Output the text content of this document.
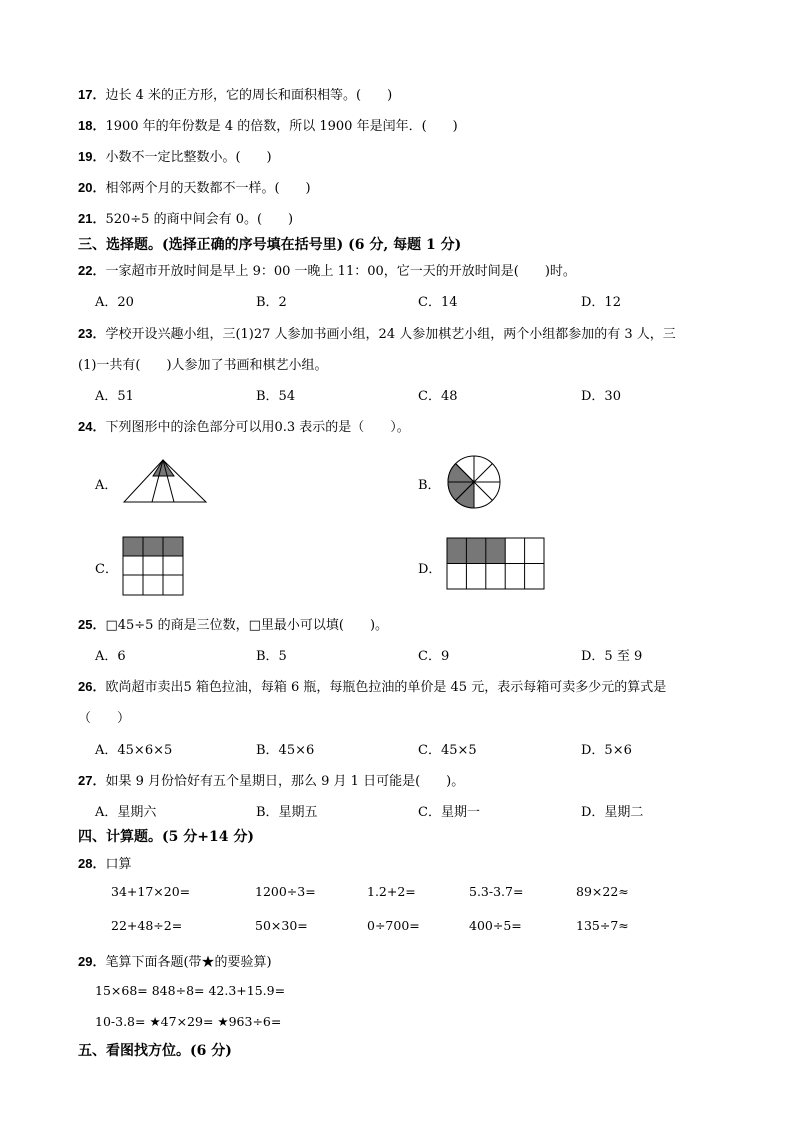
17．边长 4 米的正方形，它的周长和面积相等。(　　)
18．1900 年的年份数是 4 的倍数，所以 1900 年是闰年．(　　)
19．小数不一定比整数小。(　　)
20．相邻两个月的天数都不一样。(　　)
21．520÷5 的商中间会有 0。(　　)
三、选择题。(选择正确的序号填在括号里) (6 分, 每题 1 分)
22．一家超市开放时间是早上 9：00 一晚上 11：00，它一天的开放时间是(　　)时。
A．20	B．2	C．14	D．12
23．学校开设兴趣小组，三(1)27 人参加书画小组，24 人参加棋艺小组，两个小组都参加的有 3 人，三
(1)一共有(　　)人参加了书画和棋艺小组。
A．51	B．54	C．48	D．30
24．下列图形中的涂色部分可以用0.3 表示的是（　　）。
A．	B．
C．	D．
25．□45÷5 的商是三位数，□里最小可以填(　　)。
A．6	B．5	C．9	D．5 至 9
26．欧尚超市卖出5 箱色拉油，每箱 6 瓶，每瓶色拉油的单价是 45 元，表示每箱可卖多少元的算式是
（　　）
A．45×6×5	B．45×6	C．45×5	D．5×6
27．如果 9 月份恰好有五个星期日，那么 9 月 1 日可能是(　　)。
A．星期六	B．星期五	C．星期一	D．星期二
四、计算题。(5 分+14 分)
28．口算
34+17×20=	1200÷3=	1.2+2=	5.3-3.7=	89×22≈
22+48÷2=	50×30=	0÷700=	400÷5=	135÷7≈
29．笔算下面各题(带★的要验算)
15×68= 848÷8= 42.3+15.9=
10-3.8= ★47×29= ★963÷6=
五、看图找方位。(6 分)
